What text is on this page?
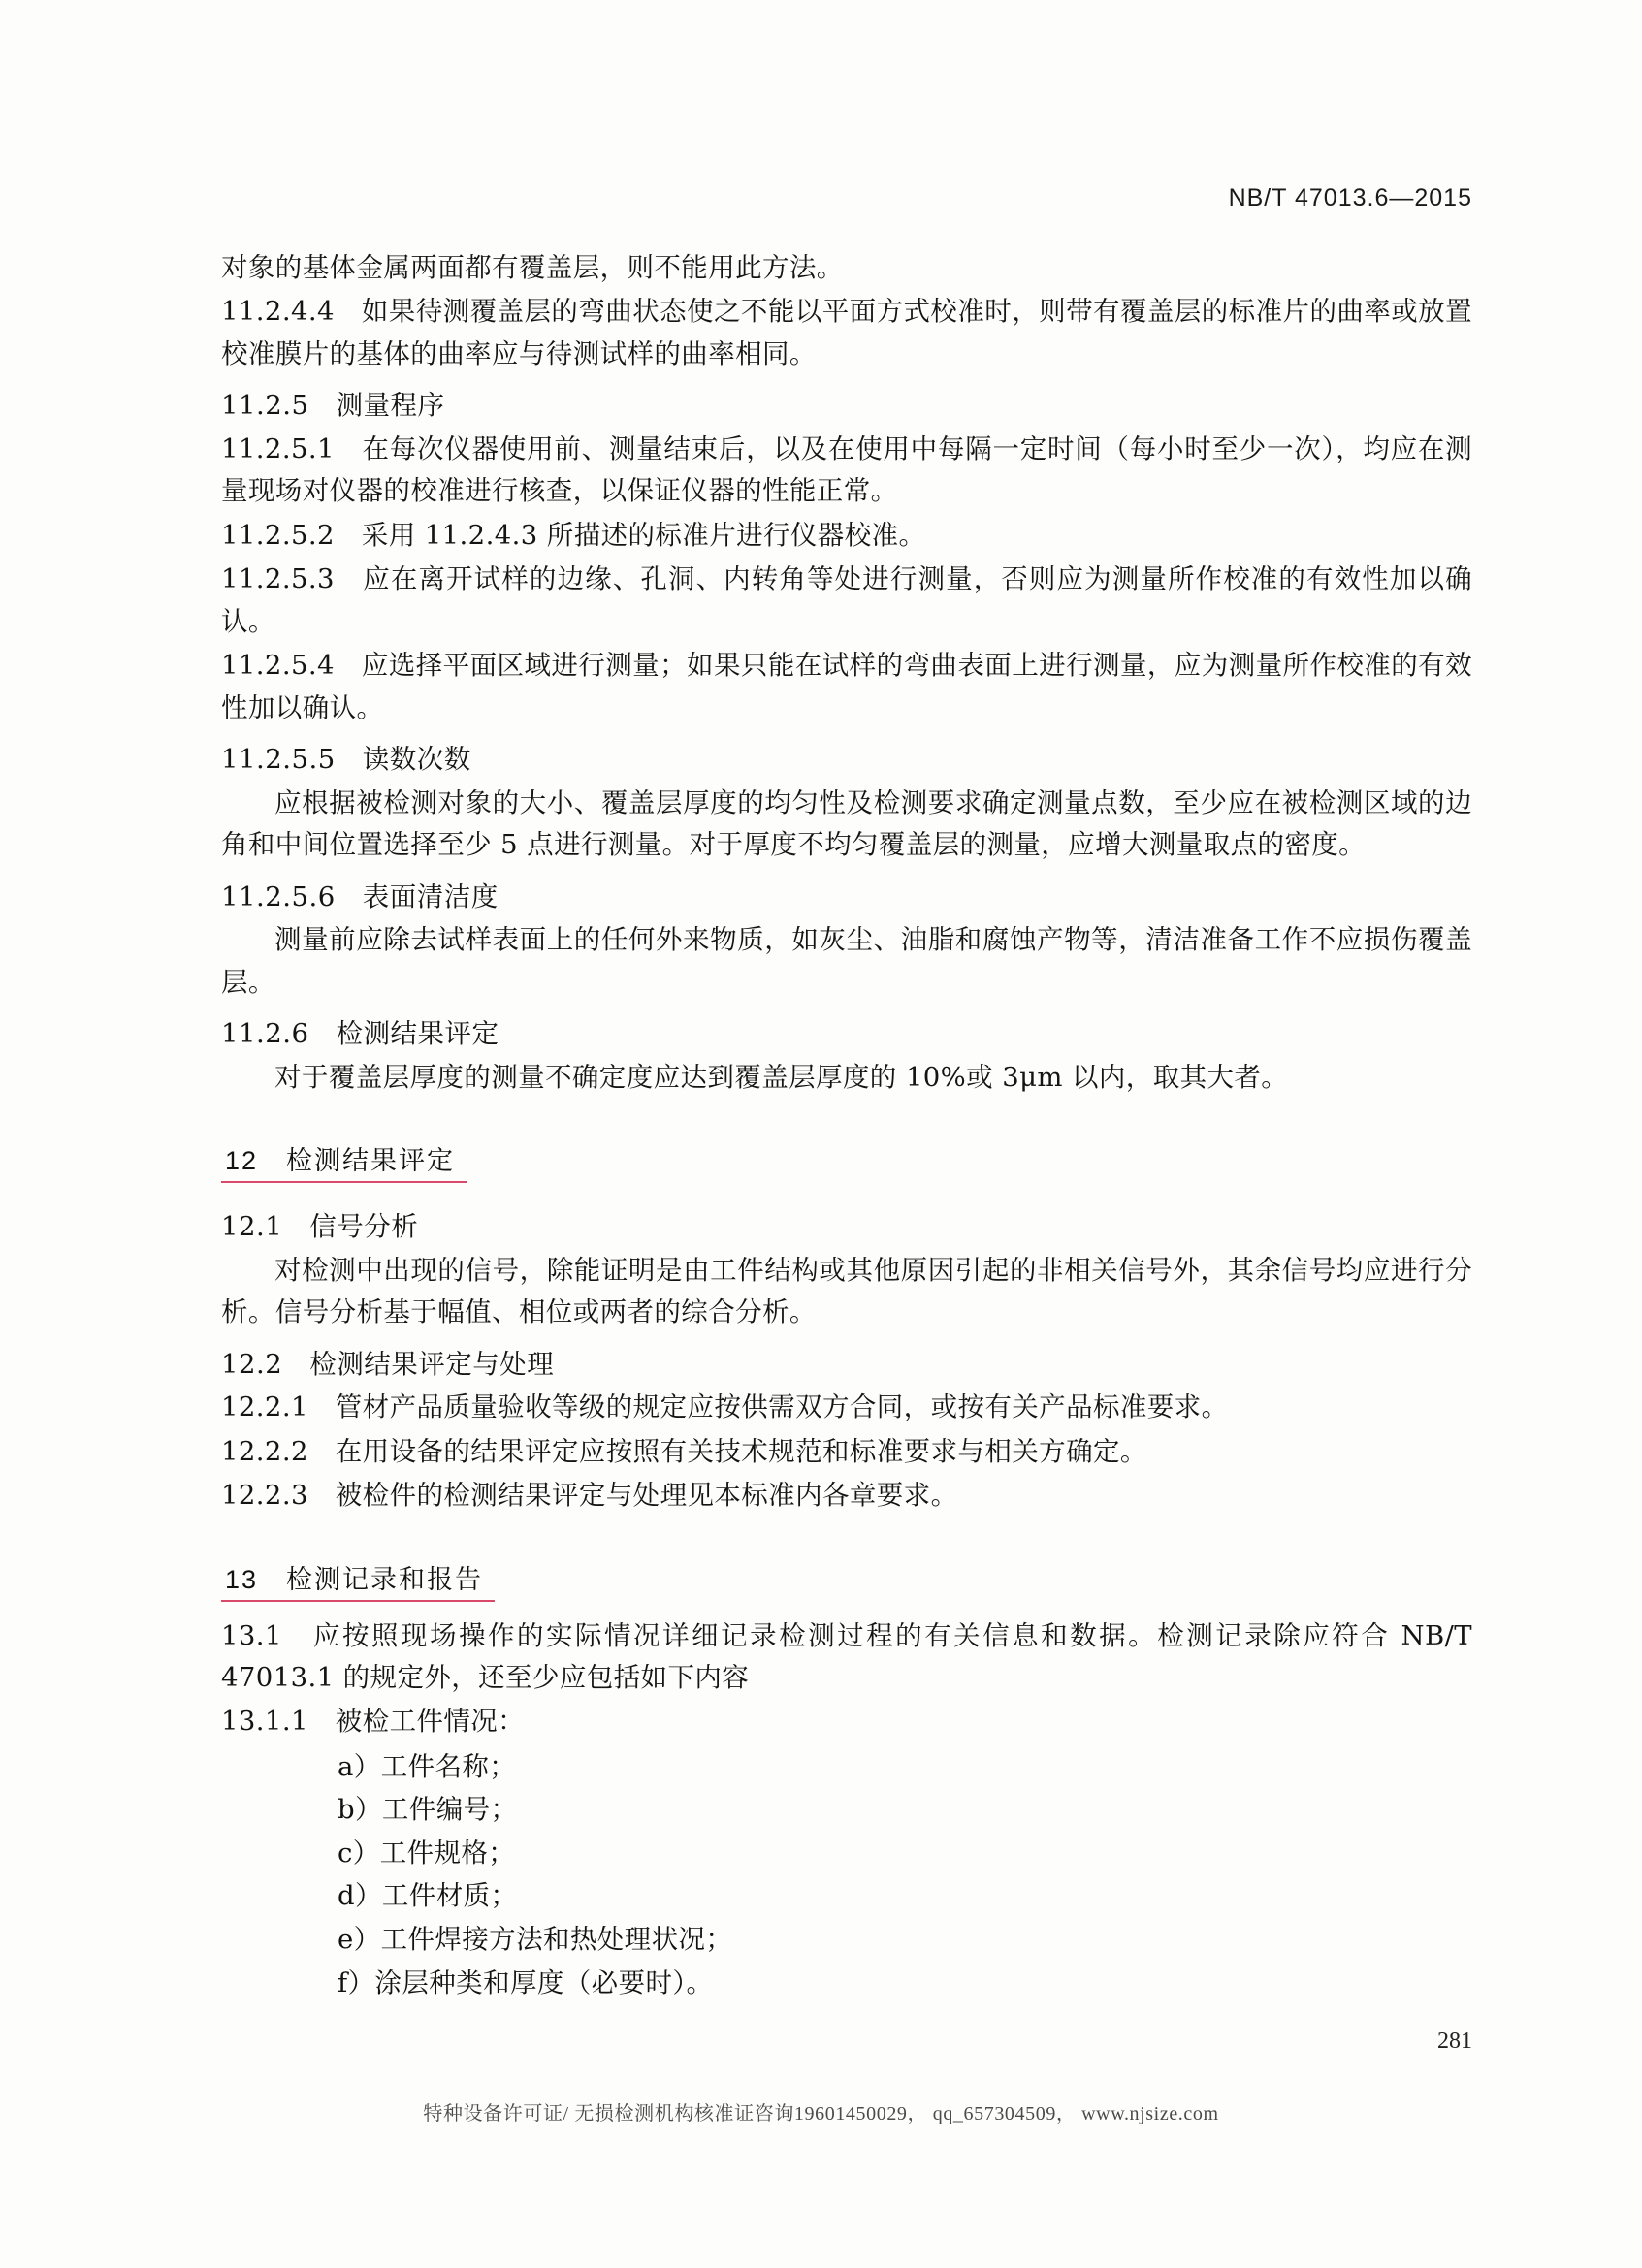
NB/T 47013.6—2015

对象的基体金属两面都有覆盖层，则不能用此方法。

11.2.4.4　如果待测覆盖层的弯曲状态使之不能以平面方式校准时，则带有覆盖层的标准片的曲率或放置校准膜片的基体的曲率应与待测试样的曲率相同。

11.2.5　测量程序

11.2.5.1　在每次仪器使用前、测量结束后，以及在使用中每隔一定时间（每小时至少一次），均应在测量现场对仪器的校准进行核查，以保证仪器的性能正常。

11.2.5.2　采用 11.2.4.3 所描述的标准片进行仪器校准。

11.2.5.3　应在离开试样的边缘、孔洞、内转角等处进行测量，否则应为测量所作校准的有效性加以确认。

11.2.5.4　应选择平面区域进行测量；如果只能在试样的弯曲表面上进行测量，应为测量所作校准的有效性加以确认。

11.2.5.5　读数次数

应根据被检测对象的大小、覆盖层厚度的均匀性及检测要求确定测量点数，至少应在被检测区域的边角和中间位置选择至少 5 点进行测量。对于厚度不均匀覆盖层的测量，应增大测量取点的密度。

11.2.5.6　表面清洁度

测量前应除去试样表面上的任何外来物质，如灰尘、油脂和腐蚀产物等，清洁准备工作不应损伤覆盖层。

11.2.6　检测结果评定

对于覆盖层厚度的测量不确定度应达到覆盖层厚度的 10%或 3μm 以内，取其大者。

12　检测结果评定

12.1　信号分析

对检测中出现的信号，除能证明是由工件结构或其他原因引起的非相关信号外，其余信号均应进行分析。信号分析基于幅值、相位或两者的综合分析。

12.2　检测结果评定与处理

12.2.1　管材产品质量验收等级的规定应按供需双方合同，或按有关产品标准要求。

12.2.2　在用设备的结果评定应按照有关技术规范和标准要求与相关方确定。

12.2.3　被检件的检测结果评定与处理见本标准内各章要求。

13　检测记录和报告

13.1　应按照现场操作的实际情况详细记录检测过程的有关信息和数据。检测记录除应符合 NB/T 47013.1 的规定外，还至少应包括如下内容

13.1.1　被检工件情况：

a）工件名称；

b）工件编号；

c）工件规格；

d）工件材质；

e）工件焊接方法和热处理状况；

f）涂层种类和厚度（必要时）。

281
特种设备许可证/ 无损检测机构核准证咨询19601450029， qq_657304509， www.njsize.com
